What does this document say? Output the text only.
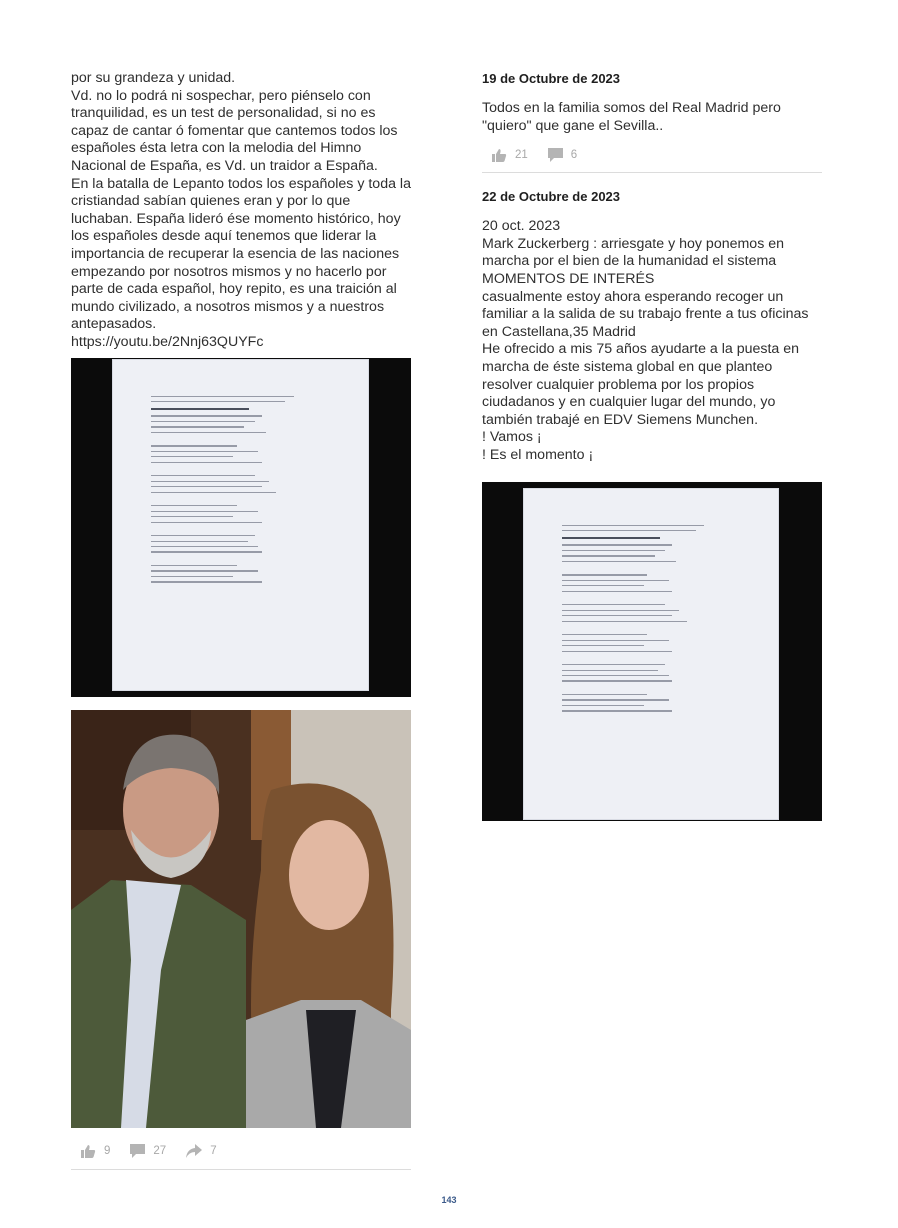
por su grandeza y unidad.

Vd. no lo podrá ni sospechar, pero piénselo con tranquilidad, es un test de personalidad, si no es capaz de cantar ó fomentar que cantemos todos los españoles ésta letra con la melodia del Himno Nacional de España, es Vd. un traidor a España.

En la batalla de Lepanto todos los españoles y toda la cristiandad sabían quienes eran y por lo que luchaban. España lideró ése momento histórico, hoy los españoles desde aquí tenemos que liderar la importancia de recuperar la esencia de las naciones empezando por nosotros mismos y no hacerlo por parte de cada español, hoy repito, es una traición al mundo civilizado, a nosotros mismos y a nuestros antepasados.

https://youtu.be/2Nnj63QUYFc

9	27	7

19 de Octubre de 2023

Todos en la familia somos del Real Madrid pero "quiero" que gane el Sevilla..

21	6

22 de Octubre de 2023

20 oct. 2023

Mark Zuckerberg : arriesgate y hoy ponemos en marcha por el bien de la humanidad el sistema

MOMENTOS DE INTERÉS

casualmente estoy ahora esperando recoger un familiar a la salida de su trabajo frente a tus oficinas en Castellana,35 Madrid

He ofrecido a mis 75 años ayudarte a la puesta en marcha de éste sistema global en que planteo resolver cualquier problema por los propios ciudadanos y en cualquier lugar del mundo, yo también trabajé en EDV Siemens Munchen.

! Vamos ¡

! Es el momento ¡

143
